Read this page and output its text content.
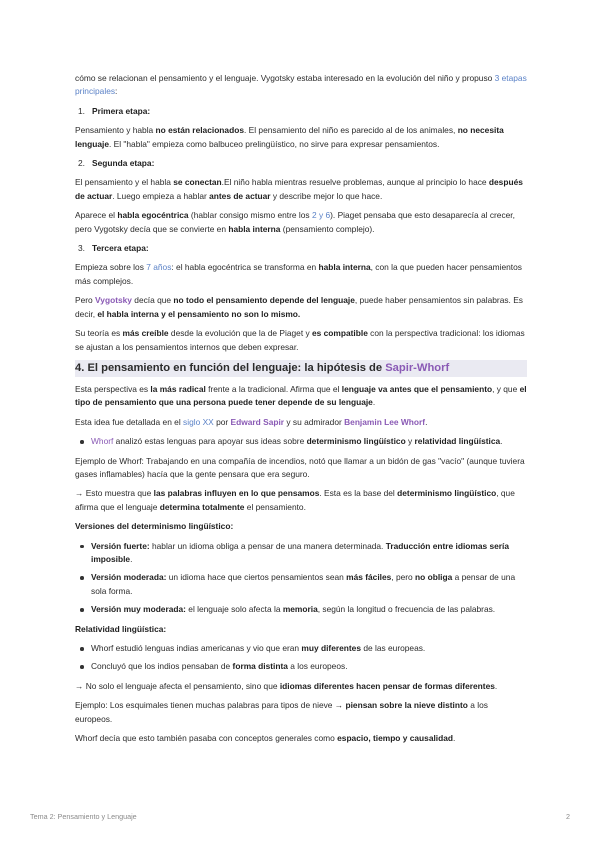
cómo se relacionan el pensamiento y el lenguaje. Vygotsky estaba interesado en la evolución del niño y propuso 3 etapas principales:

1. Primera etapa:

Pensamiento y habla no están relacionados. El pensamiento del niño es parecido al de los animales, no necesita lenguaje. El "habla" empieza como balbuceo prelingüístico, no sirve para expresar pensamientos.

2. Segunda etapa:

El pensamiento y el habla se conectan.El niño habla mientras resuelve problemas, aunque al principio lo hace después de actuar. Luego empieza a hablar antes de actuar y describe mejor lo que hace.

Aparece el habla egocéntrica (hablar consigo mismo entre los 2 y 6). Piaget pensaba que esto desaparecía al crecer, pero Vygotsky decía que se convierte en habla interna (pensamiento complejo).

3. Tercera etapa:

Empieza sobre los 7 años: el habla egocéntrica se transforma en habla interna, con la que pueden hacer pensamientos más complejos.

Pero Vygotsky decía que no todo el pensamiento depende del lenguaje, puede haber pensamientos sin palabras. Es decir, el habla interna y el pensamiento no son lo mismo.

Su teoría es más creíble desde la evolución que la de Piaget y es compatible con la perspectiva tradicional: los idiomas se ajustan a los pensamientos internos que deben expresar.

4. El pensamiento en función del lenguaje: la hipótesis de Sapir-Whorf

Esta perspectiva es la más radical frente a la tradicional. Afirma que el lenguaje va antes que el pensamiento, y que el tipo de pensamiento que una persona puede tener depende de su lenguaje.

Esta idea fue detallada en el siglo XX por Edward Sapir y su admirador Benjamin Lee Whorf.

Whorf analizó estas lenguas para apoyar sus ideas sobre determinismo lingüístico y relatividad lingüística.

Ejemplo de Whorf: Trabajando en una compañía de incendios, notó que llamar a un bidón de gas "vacío" (aunque tuviera gases inflamables) hacía que la gente pensara que era seguro.

→ Esto muestra que las palabras influyen en lo que pensamos. Esta es la base del determinismo lingüístico, que afirma que el lenguaje determina totalmente el pensamiento.

Versiones del determinismo lingüístico:

Versión fuerte: hablar un idioma obliga a pensar de una manera determinada. Traducción entre idiomas sería imposible.
Versión moderada: un idioma hace que ciertos pensamientos sean más fáciles, pero no obliga a pensar de una sola forma.
Versión muy moderada: el lenguaje solo afecta la memoria, según la longitud o frecuencia de las palabras.

Relatividad lingüística:

Whorf estudió lenguas indias americanas y vio que eran muy diferentes de las europeas.
Concluyó que los indios pensaban de forma distinta a los europeos.

→ No solo el lenguaje afecta el pensamiento, sino que idiomas diferentes hacen pensar de formas diferentes.

Ejemplo: Los esquimales tienen muchas palabras para tipos de nieve → piensan sobre la nieve distinto a los europeos.

Whorf decía que esto también pasaba con conceptos generales como espacio, tiempo y causalidad.

Tema 2: Pensamiento y Lenguaje	2
